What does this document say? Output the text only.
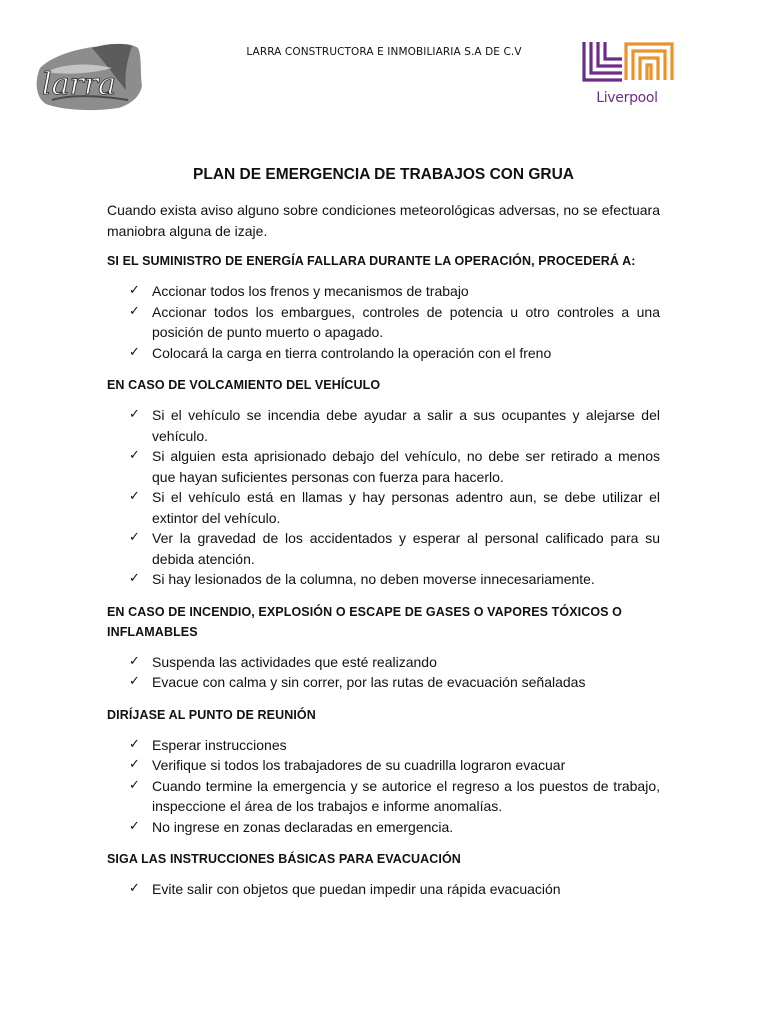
larra
LARRA CONSTRUCTORA E INMOBILIARIA S.A DE C.V
Liverpool
PLAN DE EMERGENCIA DE TRABAJOS CON GRUA
Cuando exista aviso alguno sobre condiciones meteorológicas adversas, no se efectuara maniobra alguna de izaje.
SI EL SUMINISTRO DE ENERGÍA FALLARA DURANTE LA OPERACIÓN, PROCEDERÁ A:
✓ Accionar todos los frenos y mecanismos de trabajo
✓ Accionar todos los embargues, controles de potencia u otro controles a una posición de punto muerto o apagado.
✓ Colocará la carga en tierra controlando la operación con el freno
EN CASO DE VOLCAMIENTO DEL VEHÍCULO
✓ Si el vehículo se incendia debe ayudar a salir a sus ocupantes y alejarse del vehículo.
✓ Si alguien esta aprisionado debajo del vehículo, no debe ser retirado a menos que hayan suficientes personas con fuerza para hacerlo.
✓ Si el vehículo está en llamas y hay personas adentro aun, se debe utilizar el extintor del vehículo.
✓ Ver la gravedad de los accidentados y esperar al personal calificado para su debida atención.
✓ Si hay lesionados de la columna, no deben moverse innecesariamente.
EN CASO DE INCENDIO, EXPLOSIÓN O ESCAPE DE GASES O VAPORES TÓXICOS O INFLAMABLES
✓ Suspenda las actividades que esté realizando
✓ Evacue con calma y sin correr, por las rutas de evacuación señaladas
DIRÍJASE AL PUNTO DE REUNIÓN
✓ Esperar instrucciones
✓ Verifique si todos los trabajadores de su cuadrilla lograron evacuar
✓ Cuando termine la emergencia y se autorice el regreso a los puestos de trabajo, inspeccione el área de los trabajos e informe anomalías.
✓ No ingrese en zonas declaradas en emergencia.
SIGA LAS INSTRUCCIONES BÁSICAS PARA EVACUACIÓN
✓ Evite salir con objetos que puedan impedir una rápida evacuación
